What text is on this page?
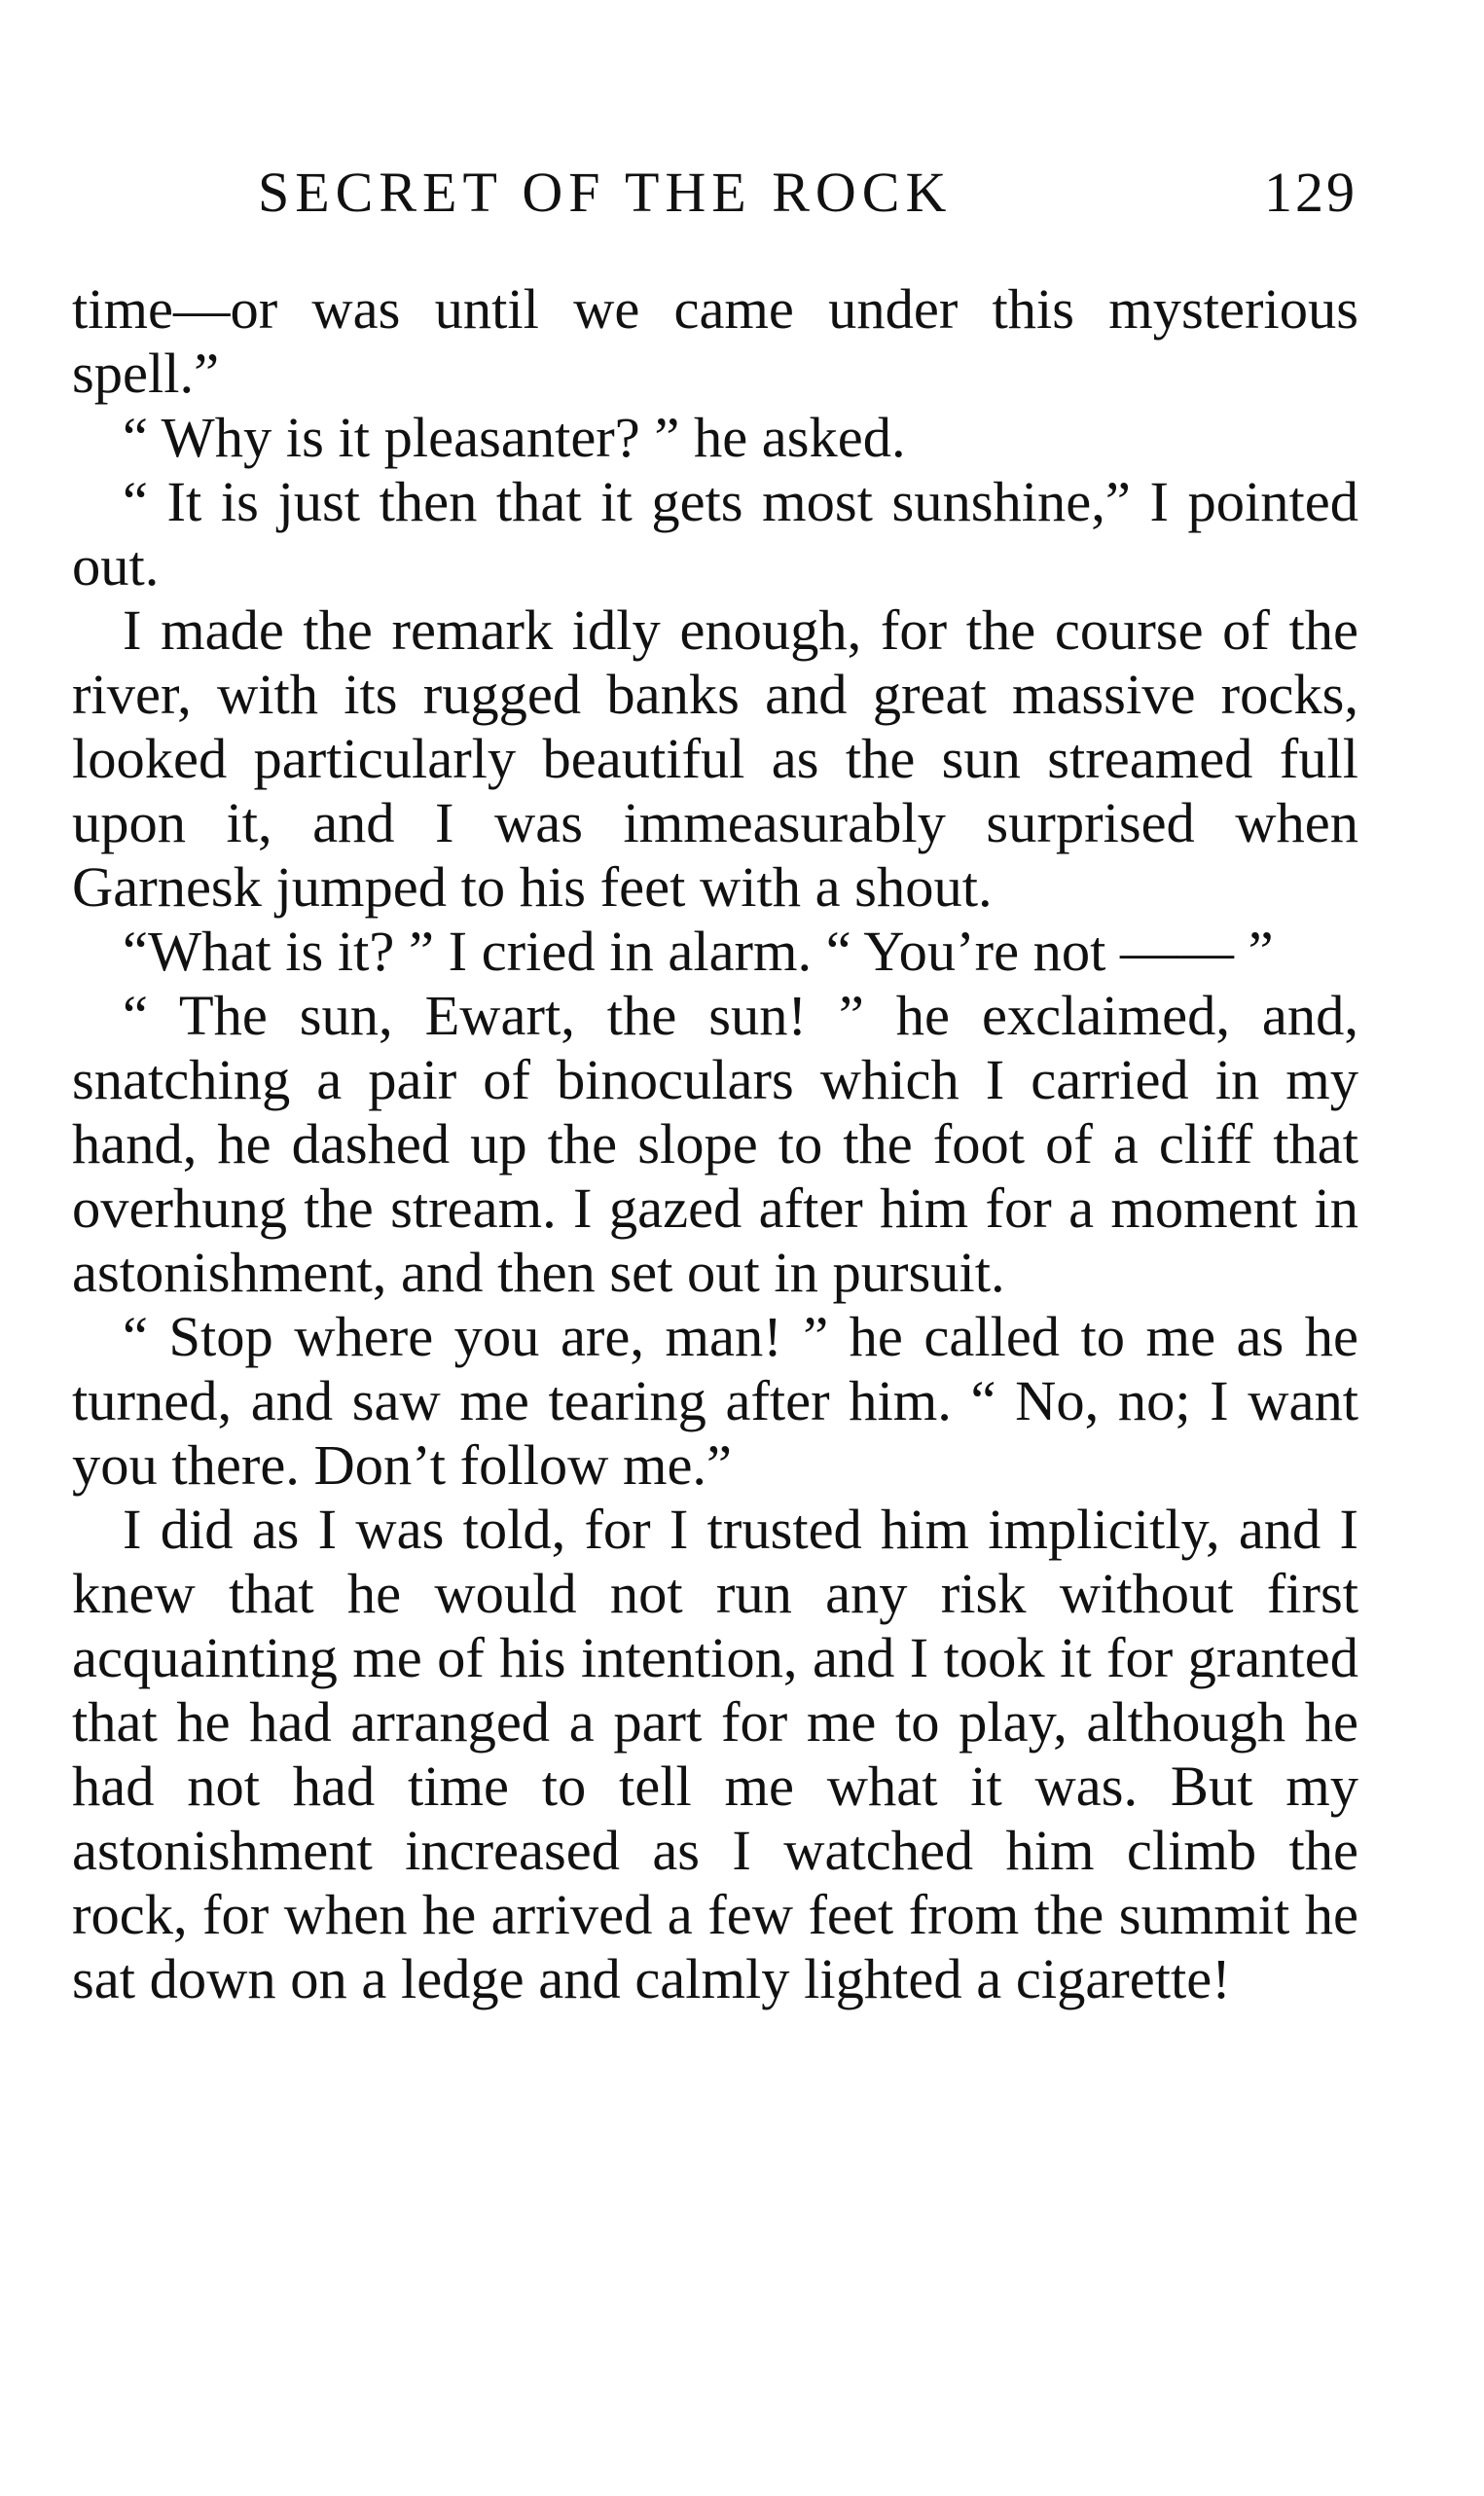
SECRET OF THE ROCK	129

time—or was until we came under this mysterious spell.”

“ Why is it pleasanter? ” he asked.

“ It is just then that it gets most sunshine,” I pointed out.

I made the remark idly enough, for the course of the river, with its rugged banks and great massive rocks, looked particularly beautiful as the sun streamed full upon it, and I was immeasurably surprised when Garnesk jumped to his feet with a shout.

“What is it? ” I cried in alarm. “ You’re not —— ”

“ The sun, Ewart, the sun! ” he exclaimed, and, snatching a pair of binoculars which I carried in my hand, he dashed up the slope to the foot of a cliff that overhung the stream. I gazed after him for a moment in astonishment, and then set out in pursuit.

“ Stop where you are, man! ” he called to me as he turned, and saw me tearing after him. “ No, no; I want you there. Don’t follow me.”

I did as I was told, for I trusted him implicitly, and I knew that he would not run any risk without first acquainting me of his intention, and I took it for granted that he had arranged a part for me to play, although he had not had time to tell me what it was. But my astonishment increased as I watched him climb the rock, for when he arrived a few feet from the summit he sat down on a ledge and calmly lighted a cigarette!
